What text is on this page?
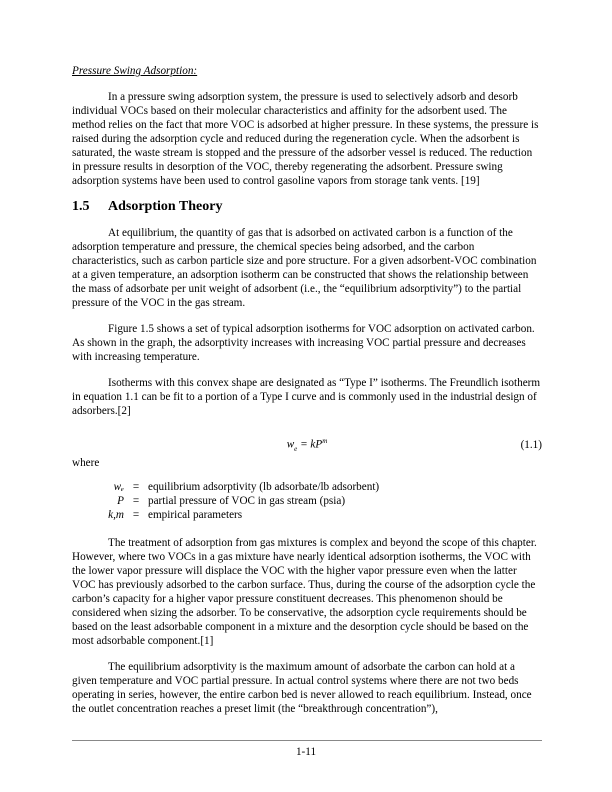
Pressure Swing Adsorption:

In a pressure swing adsorption system, the pressure is used to selectively adsorb and desorb individual VOCs based on their molecular characteristics and affinity for the adsorbent used. The method relies on the fact that more VOC is adsorbed at higher pressure. In these systems, the pressure is raised during the adsorption cycle and reduced during the regeneration cycle. When the adsorbent is saturated, the waste stream is stopped and the pressure of the adsorber vessel is reduced. The reduction in pressure results in desorption of the VOC, thereby regenerating the adsorbent. Pressure swing adsorption systems have been used to control gasoline vapors from storage tank vents. [19]

1.5	Adsorption Theory

At equilibrium, the quantity of gas that is adsorbed on activated carbon is a function of the adsorption temperature and pressure, the chemical species being adsorbed, and the carbon characteristics, such as carbon particle size and pore structure. For a given adsorbent-VOC combination at a given temperature, an adsorption isotherm can be constructed that shows the relationship between the mass of adsorbate per unit weight of adsorbent (i.e., the “equilibrium adsorptivity”) to the partial pressure of the VOC in the gas stream.

Figure 1.5 shows a set of typical adsorption isotherms for VOC adsorption on activated carbon. As shown in the graph, the adsorptivity increases with increasing VOC partial pressure and decreases with increasing temperature.

Isotherms with this convex shape are designated as “Type I” isotherms. The Freundlich isotherm in equation 1.1 can be fit to a portion of a Type I curve and is commonly used in the industrial design of adsorbers.[2]

$w_e = kP^m$	(1.1)
where
wₑ = equilibrium adsorptivity (lb adsorbate/lb adsorbent)
P = partial pressure of VOC in gas stream (psia)
k,m = empirical parameters

The treatment of adsorption from gas mixtures is complex and beyond the scope of this chapter. However, where two VOCs in a gas mixture have nearly identical adsorption isotherms, the VOC with the lower vapor pressure will displace the VOC with the higher vapor pressure even when the latter VOC has previously adsorbed to the carbon surface. Thus, during the course of the adsorption cycle the carbon’s capacity for a higher vapor pressure constituent decreases. This phenomenon should be considered when sizing the adsorber. To be conservative, the adsorption cycle requirements should be based on the least adsorbable component in a mixture and the desorption cycle should be based on the most adsorbable component.[1]

The equilibrium adsorptivity is the maximum amount of adsorbate the carbon can hold at a given temperature and VOC partial pressure. In actual control systems where there are not two beds operating in series, however, the entire carbon bed is never allowed to reach equilibrium. Instead, once the outlet concentration reaches a preset limit (the “breakthrough concentration”),

1-11
